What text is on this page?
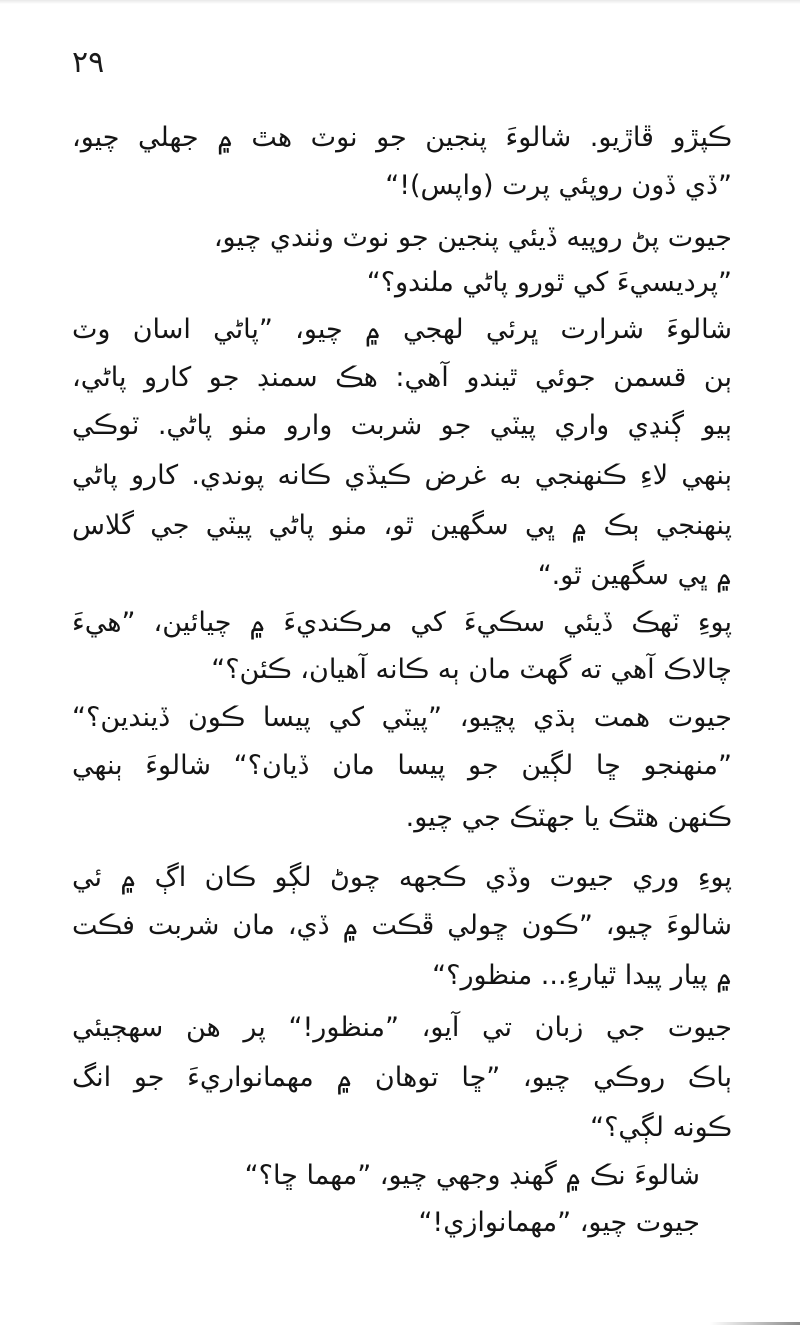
٢٩
ڪپڙو ڦاڙيو. شالوءَ پنجين جو نوٽ هٿ ۾ جهلي چيو،
”ڏي ڏون روپئي پرت (واپس)!“
جيوت پڻ روپيه ڏيئي پنجين جو نوٽ وٺندي چيو،
”پرديسيءَ کي ٿورو پاڻي ملندو؟“
شالوءَ شرارت ڀرئي لهجي ۾ چيو، ”پاڻي اسان وٽ
ٻن قسمن جوئي ٿيندو آهي: هڪ سمنڊ جو کارو پاڻي،
ٻيو ڳنڍي واري پيٽي جو شربت وارو مٺو پاڻي. ٽوڪي
ٻنهي لاءِ ڪنهنجي به غرض ڪيڏي ڪانه پوندي. کارو پاڻي
پنهنجي ٻڪ ۾ ڀي سگهين ٿو، مٺو پاڻي پيٽي جي گلاس
۾ ڀي سگهين ٿو.“
پوءِ ٽهڪ ڏيئي سڪيءَ کي مرڪنديءَ ۾ چيائين، ”هيءَ
چالاڪ آهي ته گهٽ مان ٻه ڪانه آهيان، ڪئن؟“
جيوت همت ٻڌي پڇيو، ”پيٽي کي پيسا ڪون ڏيندين؟“
”منهنجو ڇا لڳين جو پيسا مان ڏيان؟“ شالوءَ ٻنهي
ڪنهن هٿڪ يا جهٽڪ جي چيو.
پوءِ وري جيوت وڏي ڪجهه چوڻ لڳو ڪان اڳ ۾ ئي
شالوءَ چيو، ”ڪون ڇولي ڦڪت ۾ ڏي، مان شربت فڪت
۾ پيار پيدا ٿيارءِ... منظور؟“
جيوت جي زبان تي آيو، ”منظور!“ پر هن سهڄيئي
ٻاڪ روڪي چيو، ”ڇا توهان ۾ مهمانواريءَ جو انگ
ڪونه لڳي؟“
شالوءَ نڪ ۾ گهنڊ وجهي چيو، ”مهما ڇا؟“
جيوت چيو، ”مهمانوازي!“
